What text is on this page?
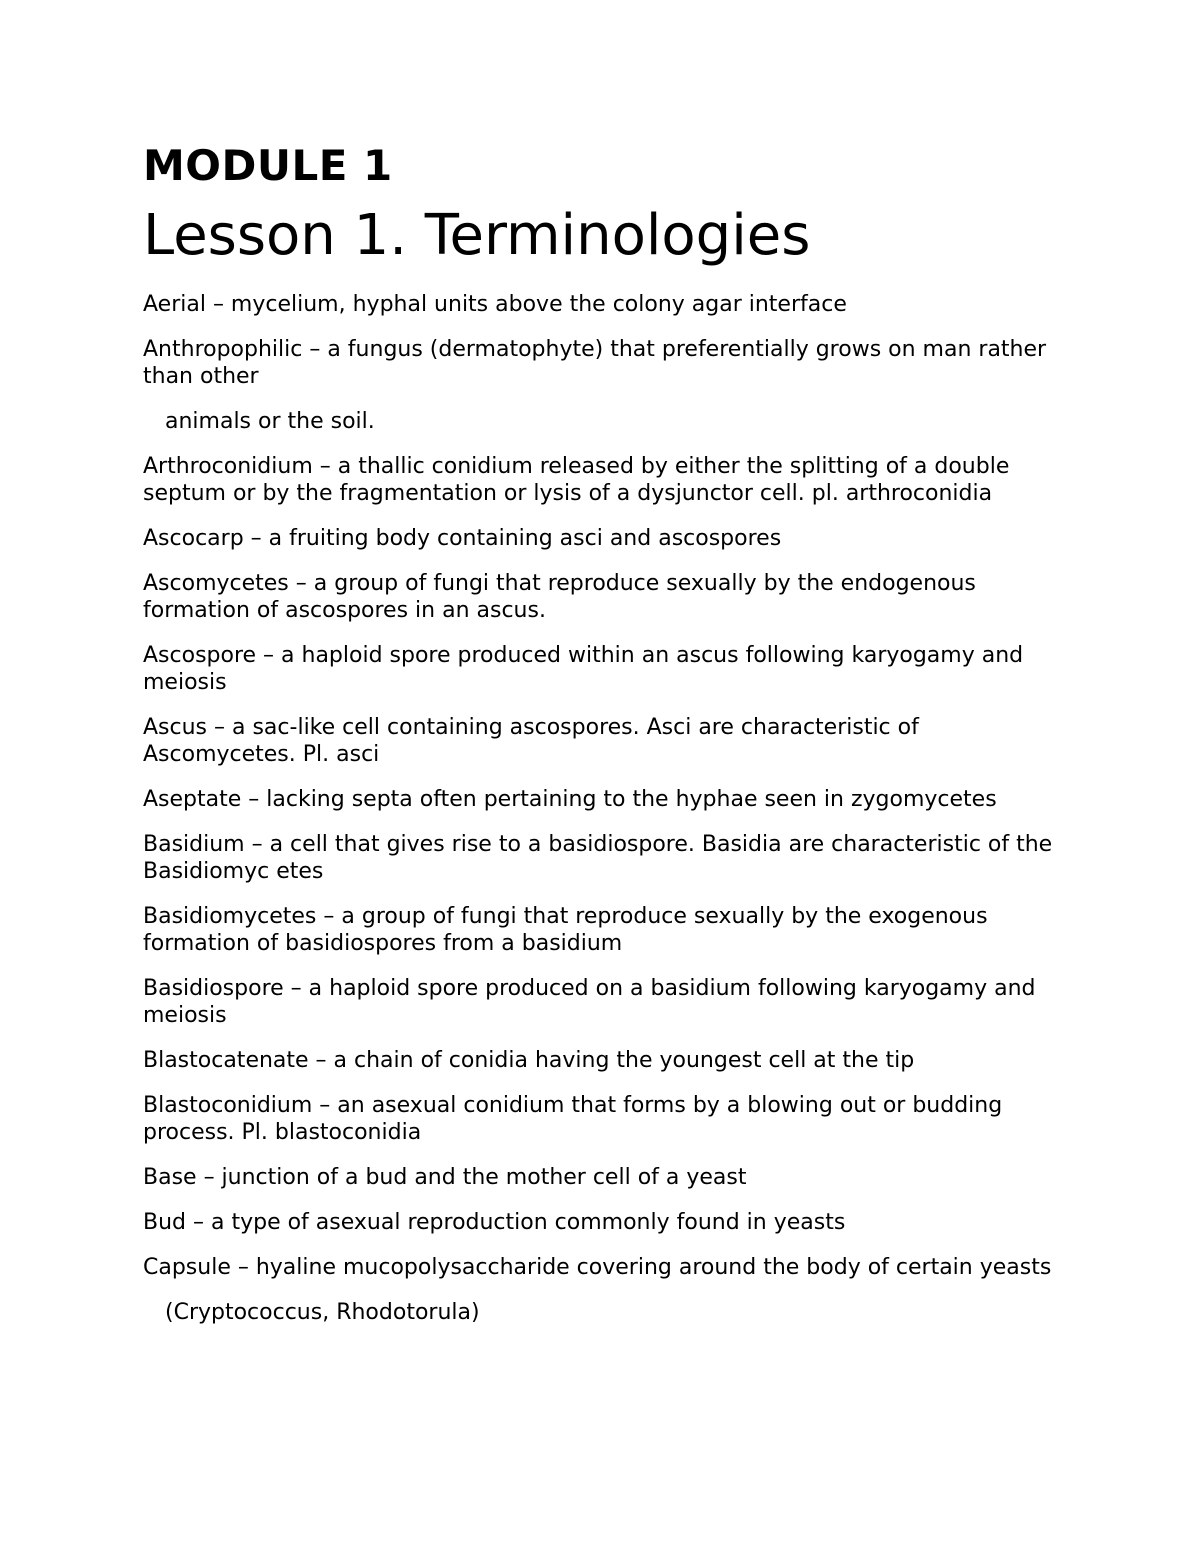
MODULE 1
Lesson 1. Terminologies

Aerial – mycelium, hyphal units above the colony agar interface

Anthropophilic – a fungus (dermatophyte) that preferentially grows on man rather than other

animals or the soil.

Arthroconidium – a thallic conidium released by either the splitting of a double septum or by the fragmentation or lysis of a dysjunctor cell. pl. arthroconidia

Ascocarp – a fruiting body containing asci and ascospores

Ascomycetes – a group of fungi that reproduce sexually by the endogenous formation of ascospores in an ascus.

Ascospore – a haploid spore produced within an ascus following karyogamy and meiosis

Ascus – a sac-like cell containing ascospores. Asci are characteristic of Ascomycetes. Pl. asci

Aseptate – lacking septa often pertaining to the hyphae seen in zygomycetes

Basidium – a cell that gives rise to a basidiospore. Basidia are characteristic of the Basidiomyc etes

Basidiomycetes – a group of fungi that reproduce sexually by the exogenous formation of basidiospores from a basidium

Basidiospore – a haploid spore produced on a basidium following karyogamy and meiosis

Blastocatenate – a chain of conidia having the youngest cell at the tip

Blastoconidium – an asexual conidium that forms by a blowing out or budding process. Pl. blastoconidia

Base – junction of a bud and the mother cell of a yeast

Bud – a type of asexual reproduction commonly found in yeasts

Capsule – hyaline mucopolysaccharide covering around the body of certain yeasts

(Cryptococcus, Rhodotorula)
